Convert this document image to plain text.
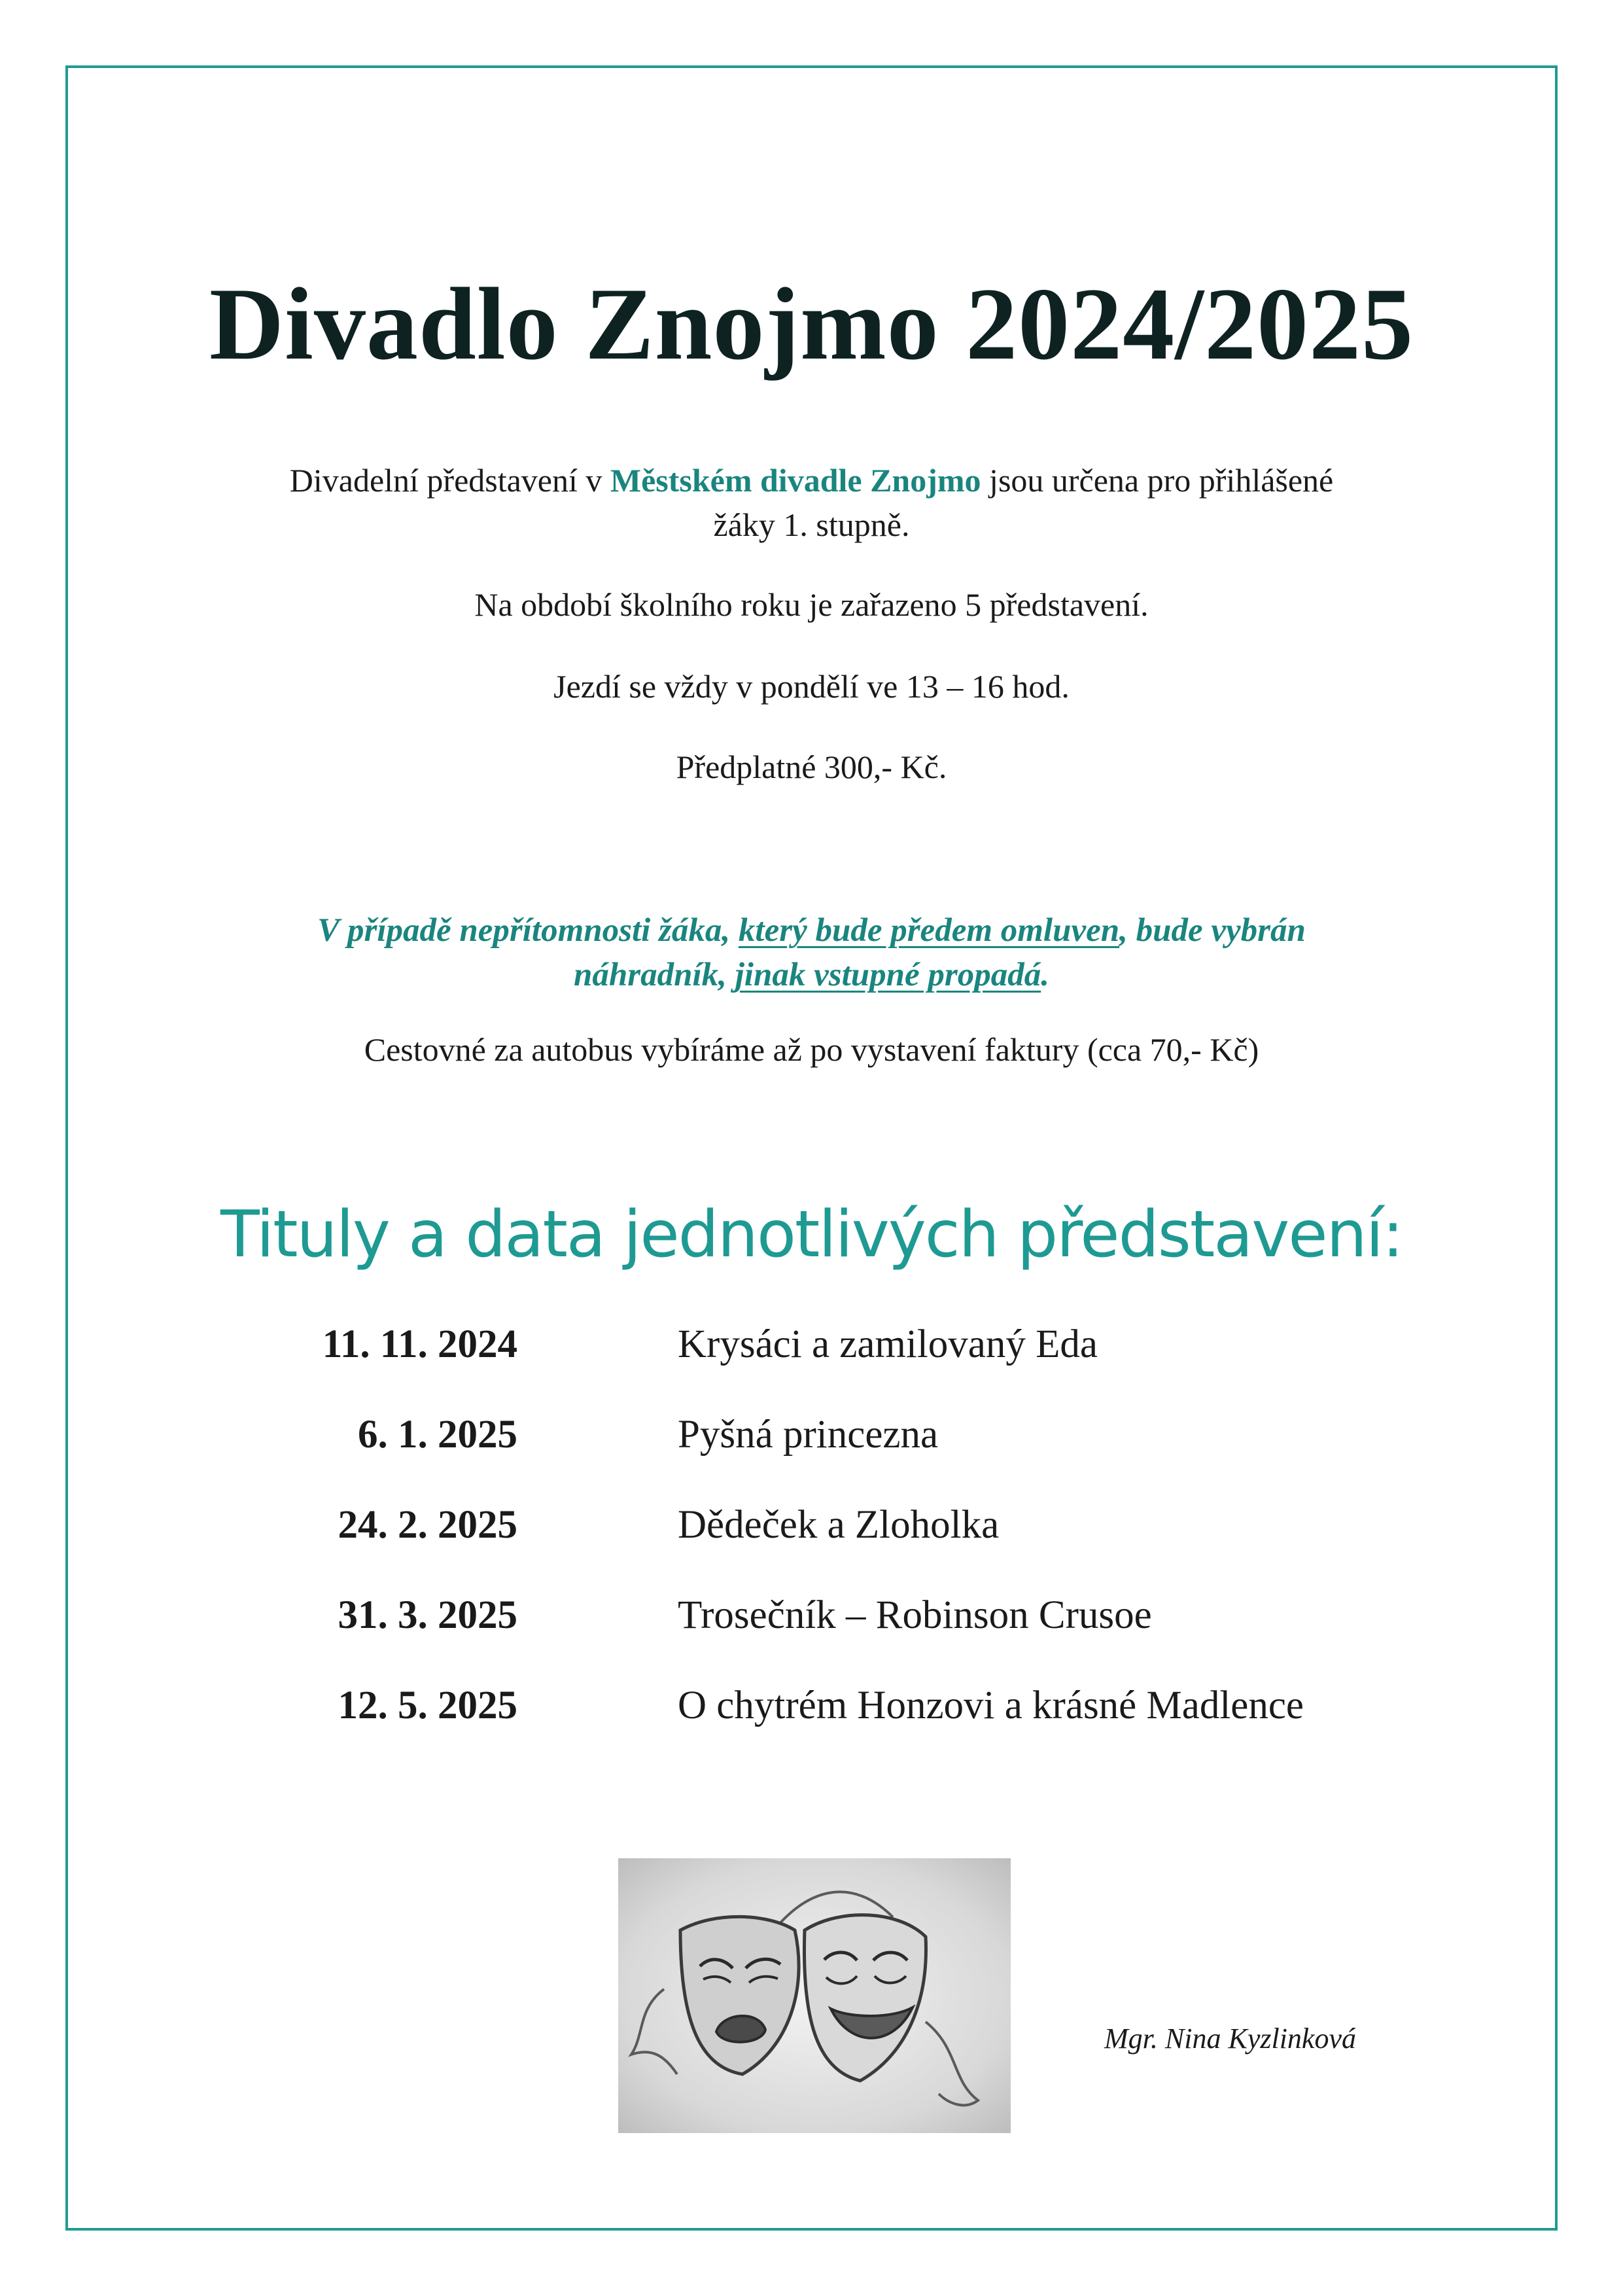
Divadlo Znojmo 2024/2025
Divadelní představení v Městském divadle Znojmo jsou určena pro přihlášené
žáky 1. stupně.
Na období školního roku je zařazeno 5 představení.
Jezdí se vždy v pondělí ve 13 – 16 hod.
Předplatné 300,- Kč.
V případě nepřítomnosti žáka, který bude předem omluven, bude vybrán
náhradník, jinak vstupné propadá.
Cestovné za autobus vybíráme až po vystavení faktury (cca 70,- Kč)
Tituly a data jednotlivých představení:
11. 11. 2024	Krysáci a zamilovaný Eda
6. 1. 2025	Pyšná princezna
24. 2. 2025	Dědeček a Zloholka
31. 3. 2025	Trosečník – Robinson Crusoe
12. 5. 2025	O chytrém Honzovi a krásné Madlence
Mgr. Nina Kyzlinková
